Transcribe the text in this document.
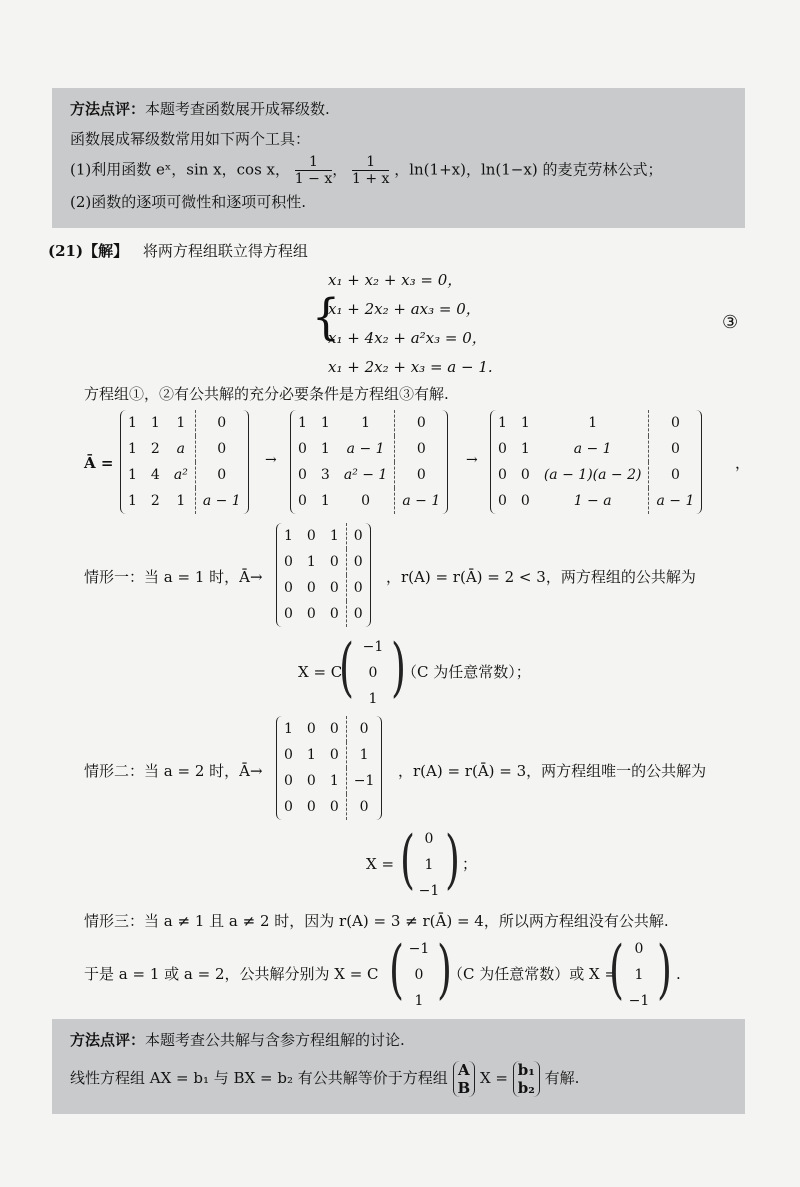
方法点评：本题考查函数展开成幂级数.
函数展成幂级数常用如下两个工具：
(1)利用函数 eˣ，sin x，cos x， $\frac{1}{1 - x}$ ， $\frac{1}{1 + x}$ ，ln(1+x)，ln(1−x) 的麦克劳林公式；
(2)函数的逐项可微性和逐项可积性.
(21)【解】 将两方程组联立得方程组
{
x₁ + x₂ + x₃ = 0，
x₁ + 2x₂ + ax₃ = 0，
x₁ + 4x₂ + a²x₃ = 0，
x₁ + 2x₂ + x₃ = a − 1.
③
方程组①，②有公共解的充分必要条件是方程组③有解.
Ā =
1	1	1	0
1	2	a	0
1	4	a²	0
1	2	1	a − 1
→
1	1	1	0
0	1	a − 1	0
0	3	a² − 1	0
0	1	0	a − 1
→
1	1	1	0
0	1	a − 1	0
0	0	(a − 1)(a − 2)	0
0	0	1 − a	a − 1
，
情形一：当 a = 1 时，Ā→
1	0	1	0
0	1	0	0
0	0	0	0
0	0	0	0
，r(A) = r(Ā) = 2 < 3，两方程组的公共解为
X = C
( −1
0
1 )
（C 为任意常数）；
情形二：当 a = 2 时，Ā→
1	0	0	0
0	1	0	1
0	0	1	−1
0	0	0	0
，r(A) = r(Ā) = 3，两方程组唯一的公共解为
X = ( 0
1
−1 ) ；
情形三：当 a ≠ 1 且 a ≠ 2 时，因为 r(A) = 3 ≠ r(Ā) = 4，所以两方程组没有公共解.
于是 a = 1 或 a = 2，公共解分别为 X = C ( −1
0
1 )
（C 为任意常数）或 X =
( 0
1
−1 ) .
方法点评：本题考查公共解与含参方程组解的讨论.
线性方程组 AX = b₁ 与 BX = b₂ 有公共解等价于方程组 A
B
X = b₁
b₂
有解.
